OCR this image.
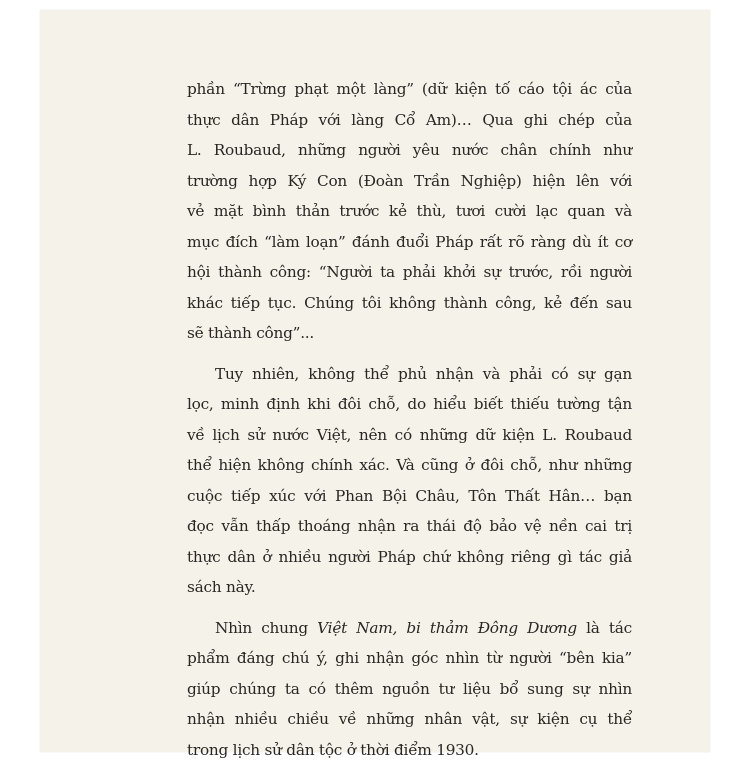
phần “Trừng phạt một làng” (dữ kiện tố cáo tội ác của
thực dân Pháp với làng Cổ Am)… Qua ghi chép của
L. Roubaud, những người yêu nước chân chính như
trường hợp Ký Con (Đoàn Trần Nghiệp) hiện lên với
vẻ mặt bình thản trước kẻ thù, tươi cười lạc quan và
mục đích “làm loạn” đánh đuổi Pháp rất rõ ràng dù ít cơ
hội thành công: “Người ta phải khởi sự trước, rồi người
khác tiếp tục. Chúng tôi không thành công, kẻ đến sau
sẽ thành công”...
Tuy nhiên, không thể phủ nhận và phải có sự gạn
lọc, minh định khi đôi chỗ, do hiểu biết thiếu tường tận
về lịch sử nước Việt, nên có những dữ kiện L. Roubaud
thể hiện không chính xác. Và cũng ở đôi chỗ, như những
cuộc tiếp xúc với Phan Bội Châu, Tôn Thất Hân… bạn
đọc vẫn thấp thoáng nhận ra thái độ bảo vệ nền cai trị
thực dân ở nhiều người Pháp chứ không riêng gì tác giả
sách này.
Nhìn chung Việt Nam, bi thảm Đông Dương là tác
phẩm đáng chú ý, ghi nhận góc nhìn từ người “bên kia”
giúp chúng ta có thêm nguồn tư liệu bổ sung sự nhìn
nhận nhiều chiều về những nhân vật, sự kiện cụ thể
trong lịch sử dân tộc ở thời điểm 1930.
